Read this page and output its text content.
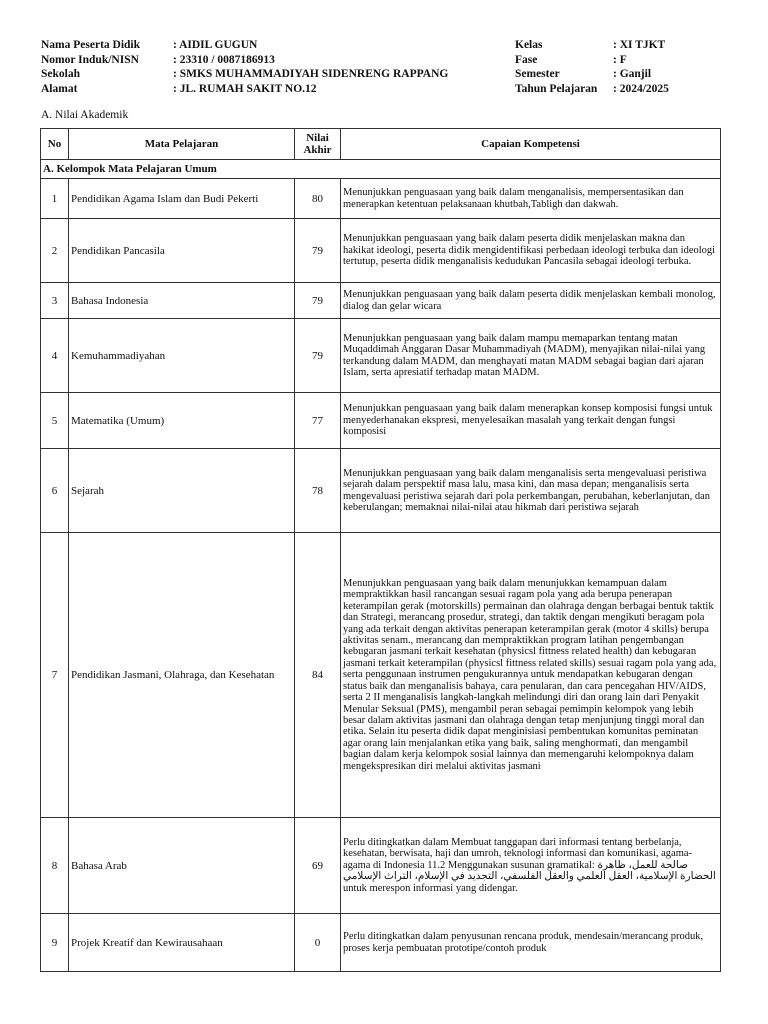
Nama Peserta Didik	: AIDIL GUGUN
Nomor Induk/NISN	: 23310 / 0087186913
Sekolah	: SMKS MUHAMMADIYAH SIDENRENG RAPPANG
Alamat	: JL. RUMAH SAKIT NO.12
Kelas	: XI TJKT
Fase	: F
Semester	: Ganjil
Tahun Pelajaran	: 2024/2025
A. Nilai Akademik
No	Mata Pelajaran	Nilai Akhir	Capaian Kompetensi
A. Kelompok Mata Pelajaran Umum			
1	Pendidikan Agama Islam dan Budi Pekerti	80	Menunjukkan penguasaan yang baik dalam menganalisis, mempersentasikan dan menerapkan ketentuan pelaksanaan khutbah,Tabligh dan dakwah.
2	Pendidikan Pancasila	79	Menunjukkan penguasaan yang baik dalam peserta didik menjelaskan makna dan hakikat ideologi, peserta didik mengidentifikasi perbedaan ideologi terbuka dan ideologi tertutup, peserta didik menganalisis kedudukan Pancasila sebagai ideologi terbuka.
3	Bahasa Indonesia	79	Menunjukkan penguasaan yang baik dalam peserta didik menjelaskan kembali monolog, dialog dan gelar wicara
4	Kemuhammadiyahan	79	Menunjukkan penguasaan yang baik dalam mampu memaparkan tentang matan Muqaddimah Anggaran Dasar Muhammadiyah (MADM), menyajikan nilai-nilai yang terkandung dalam MADM, dan menghayati matan MADM sebagai bagian dari ajaran Islam, serta apresiatif terhadap matan MADM.
5	Matematika (Umum)	77	Menunjukkan penguasaan yang baik dalam menerapkan konsep komposisi fungsi untuk menyederhanakan ekspresi, menyelesaikan masalah yang terkait dengan fungsi komposisi
6	Sejarah	78	Menunjukkan penguasaan yang baik dalam menganalisis serta mengevaluasi peristiwa sejarah dalam perspektif masa lalu, masa kini, dan masa depan; menganalisis serta mengevaluasi peristiwa sejarah dari pola perkembangan, perubahan, keberlanjutan, dan keberulangan; memaknai nilai-nilai atau hikmah dari peristiwa sejarah
7	Pendidikan Jasmani, Olahraga, dan Kesehatan	84	Menunjukkan penguasaan yang baik dalam menunjukkan kemampuan dalam mempraktikkan hasil rancangan sesuai ragam pola yang ada berupa penerapan keterampilan gerak (motorskills) permainan dan olahraga dengan berbagai bentuk taktik dan Strategi, merancang prosedur, strategi, dan taktik dengan mengikuti beragam pola yang ada terkait dengan aktivitas penerapan keterampilan gerak (motor 4 skills) berupa aktivitas senam., merancang dan mempraktikkan program latihan pengembangan kebugaran jasmani terkait kesehatan (physicsl fittness related health) dan kebugaran jasmani terkait keterampilan (physicsl fittness related skills) sesuai ragam pola yang ada, serta penggunaan instrumen pengukurannya untuk mendapatkan kebugaran dengan status baik dan menganalisis bahaya, cara penularan, dan cara pencegahan HIV/AIDS, serta 2 II menganalisis langkah-langkah melindungi diri dan orang lain dari Penyakit Menular Seksual (PMS), mengambil peran sebagai pemimpin kelompok yang lebih besar dalam aktivitas jasmani dan olahraga dengan tetap menjunjung tinggi moral dan etika. Selain itu peserta didik dapat menginisiasi pembentukan komunitas peminatan agar orang lain menjalankan etika yang baik, saling menghormati, dan mengambil bagian dalam kerja kelompok sosial lainnya dan memengaruhi kelompoknya dalam mengekspresikan diri melalui aktivitas jasmani
8	Bahasa Arab	69	Perlu ditingkatkan dalam Membuat tanggapan dari informasi tentang berbelanja, kesehatan, berwisata, haji dan umroh, teknologi informasi dan komunikasi, agama- agama di Indonesia 11.2 Menggunakan susunan gramatikal: صالحة للعمل، ظاهرة الحضارة الإسلامية، العقل العلمي والعقل الفلسفي، التجديد في الإسلام، التراث الإسلامي untuk merespon informasi yang didengar.
9	Projek Kreatif dan Kewirausahaan	0	Perlu ditingkatkan dalam penyusunan rencana produk, mendesain/merancang produk, proses kerja pembuatan prototipe/contoh produk
